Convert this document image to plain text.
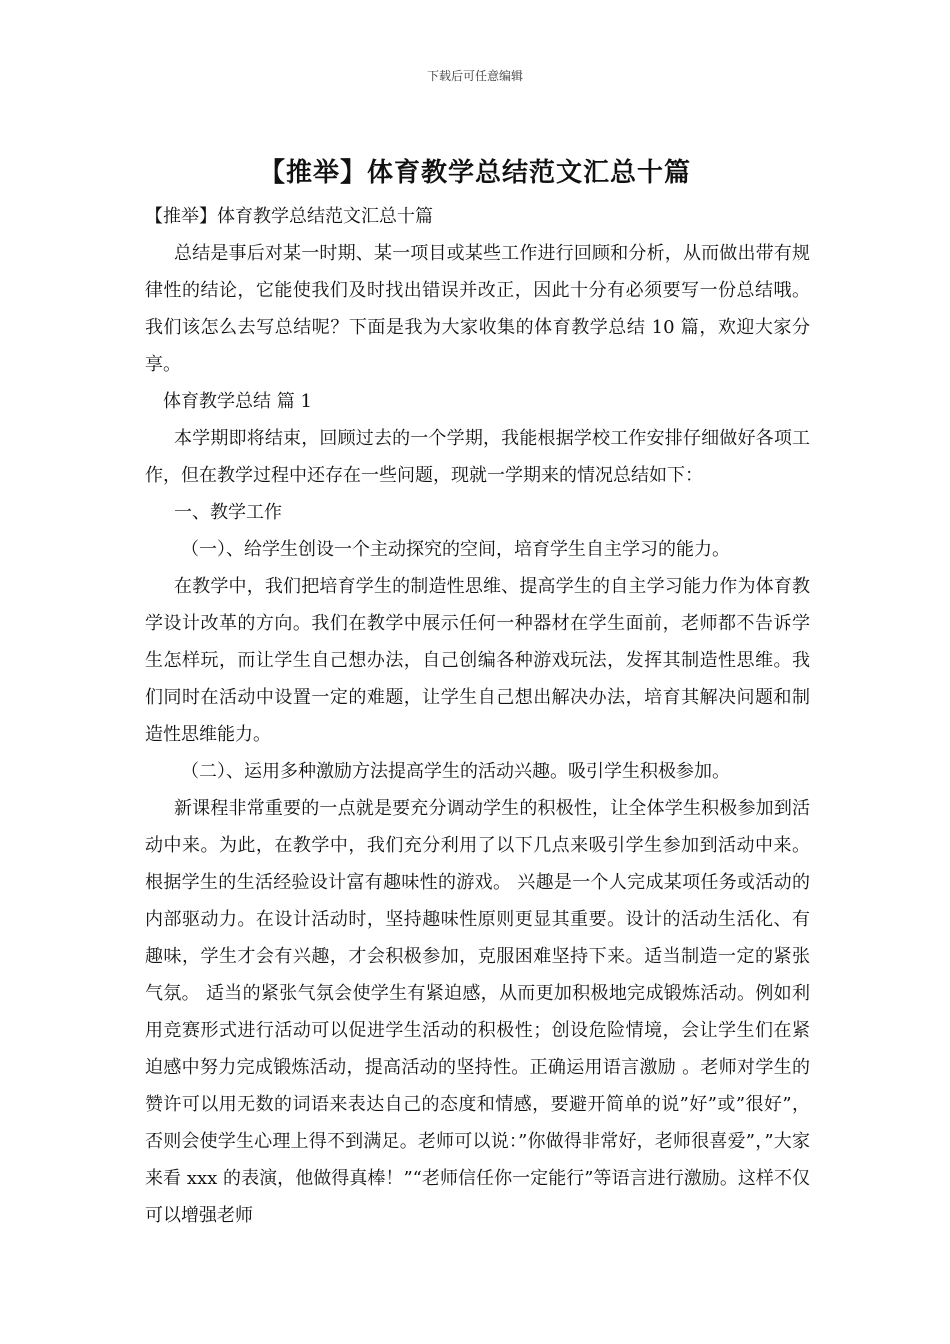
下载后可任意编辑
【推举】体育教学总结范文汇总十篇

【推举】体育教学总结范文汇总十篇

总结是事后对某一时期、某一项目或某些工作进行回顾和分析，从而做出带有规律性的结论，它能使我们及时找出错误并改正，因此十分有必须要写一份总结哦。我们该怎么去写总结呢？下面是我为大家收集的体育教学总结 10 篇，欢迎大家分享。

体育教学总结 篇 1

本学期即将结束，回顾过去的一个学期，我能根据学校工作安排仔细做好各项工作，但在教学过程中还存在一些问题，现就一学期来的情况总结如下：

一、教学工作

（一）、给学生创设一个主动探究的空间，培育学生自主学习的能力。

在教学中，我们把培育学生的制造性思维、提高学生的自主学习能力作为体育教学设计改革的方向。我们在教学中展示任何一种器材在学生面前，老师都不告诉学生怎样玩，而让学生自己想办法，自己创编各种游戏玩法，发挥其制造性思维。我们同时在活动中设置一定的难题，让学生自己想出解决办法，培育其解决问题和制造性思维能力。

（二）、运用多种激励方法提高学生的活动兴趣。吸引学生积极参加。

新课程非常重要的一点就是要充分调动学生的积极性，让全体学生积极参加到活动中来。为此，在教学中，我们充分利用了以下几点来吸引学生参加到活动中来。根据学生的生活经验设计富有趣味性的游戏。 兴趣是一个人完成某项任务或活动的内部驱动力。在设计活动时，坚持趣味性原则更显其重要。设计的活动生活化、有趣味，学生才会有兴趣，才会积极参加，克服困难坚持下来。适当制造一定的紧张气氛。 适当的紧张气氛会使学生有紧迫感，从而更加积极地完成锻炼活动。例如利用竞赛形式进行活动可以促进学生活动的积极性；创设危险情境，会让学生们在紧迫感中努力完成锻炼活动，提高活动的坚持性。正确运用语言激励 。老师对学生的赞许可以用无数的词语来表达自己的态度和情感，要避开简单的说”好”或”很好”，否则会使学生心理上得不到满足。老师可以说：”你做得非常好，老师很喜爱”，”大家来看 xxx 的表演，他做得真棒！”“老师信任你一定能行”等语言进行激励。这样不仅可以增强老师
